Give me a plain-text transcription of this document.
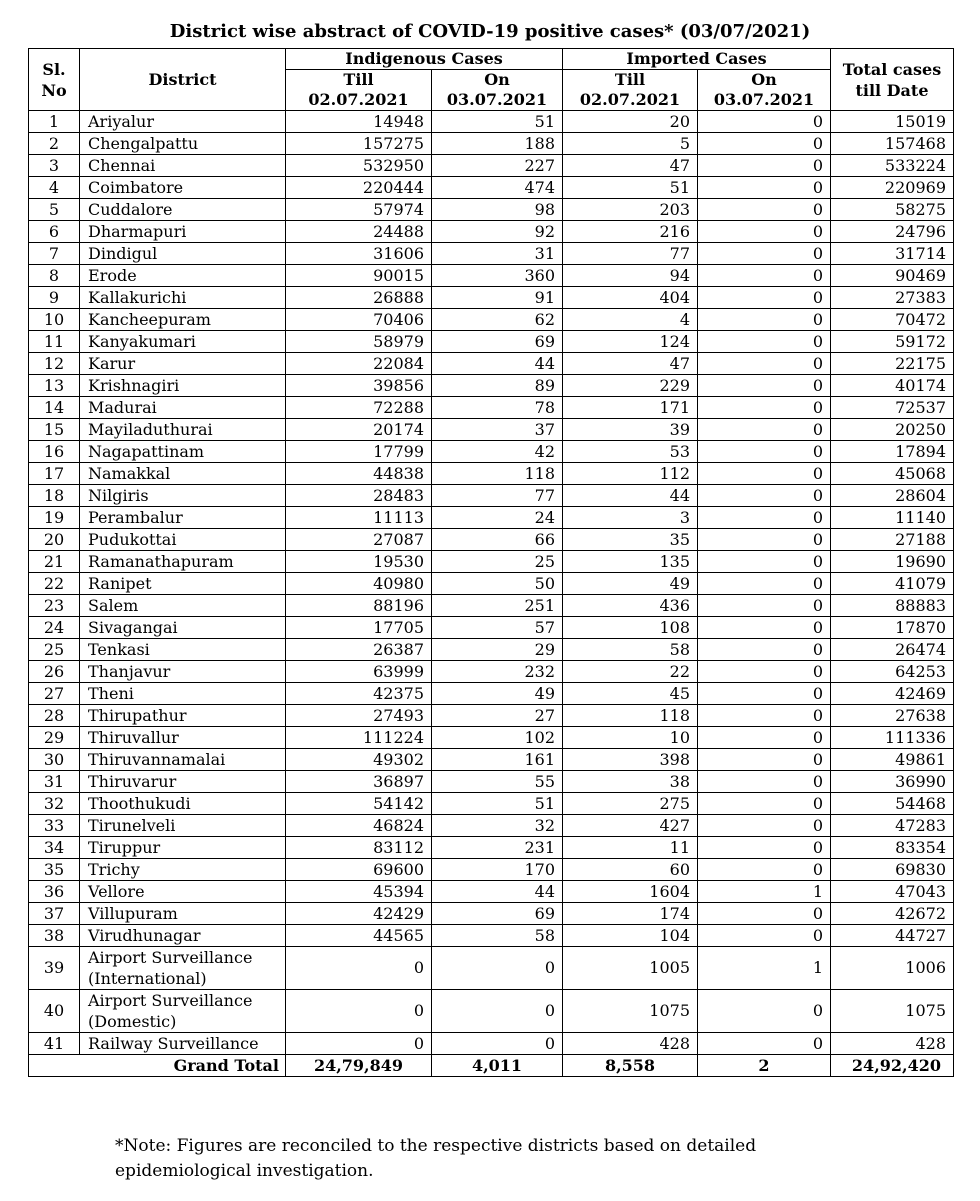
District wise abstract of COVID-19 positive cases* (03/07/2021)
Sl. No	District	Indigenous Cases		Imported Cases		Total cases till Date
		Till	On	Till	On	
		02.07.2021	03.07.2021	02.07.2021	03.07.2021	
1	Ariyalur	14948	51	20	0	15019
2	Chengalpattu	157275	188	5	0	157468
3	Chennai	532950	227	47	0	533224
4	Coimbatore	220444	474	51	0	220969
5	Cuddalore	57974	98	203	0	58275
6	Dharmapuri	24488	92	216	0	24796
7	Dindigul	31606	31	77	0	31714
8	Erode	90015	360	94	0	90469
9	Kallakurichi	26888	91	404	0	27383
10	Kancheepuram	70406	62	4	0	70472
11	Kanyakumari	58979	69	124	0	59172
12	Karur	22084	44	47	0	22175
13	Krishnagiri	39856	89	229	0	40174
14	Madurai	72288	78	171	0	72537
15	Mayiladuthurai	20174	37	39	0	20250
16	Nagapattinam	17799	42	53	0	17894
17	Namakkal	44838	118	112	0	45068
18	Nilgiris	28483	77	44	0	28604
19	Perambalur	11113	24	3	0	11140
20	Pudukottai	27087	66	35	0	27188
21	Ramanathapuram	19530	25	135	0	19690
22	Ranipet	40980	50	49	0	41079
23	Salem	88196	251	436	0	88883
24	Sivagangai	17705	57	108	0	17870
25	Tenkasi	26387	29	58	0	26474
26	Thanjavur	63999	232	22	0	64253
27	Theni	42375	49	45	0	42469
28	Thirupathur	27493	27	118	0	27638
29	Thiruvallur	111224	102	10	0	111336
30	Thiruvannamalai	49302	161	398	0	49861
31	Thiruvarur	36897	55	38	0	36990
32	Thoothukudi	54142	51	275	0	54468
33	Tirunelveli	46824	32	427	0	47283
34	Tiruppur	83112	231	11	0	83354
35	Trichy	69600	170	60	0	69830
36	Vellore	45394	44	1604	1	47043
37	Villupuram	42429	69	174	0	42672
38	Virudhunagar	44565	58	104	0	44727
39	Airport Surveillance (International)	0	0	1005	1	1006
40	Airport Surveillance (Domestic)	0	0	1075	0	1075
41	Railway Surveillance	0	0	428	0	428
Grand Total		24,79,849	4,011	8,558	2	24,92,420
*Note: Figures are reconciled to the respective districts based on detailed epidemiological investigation.
